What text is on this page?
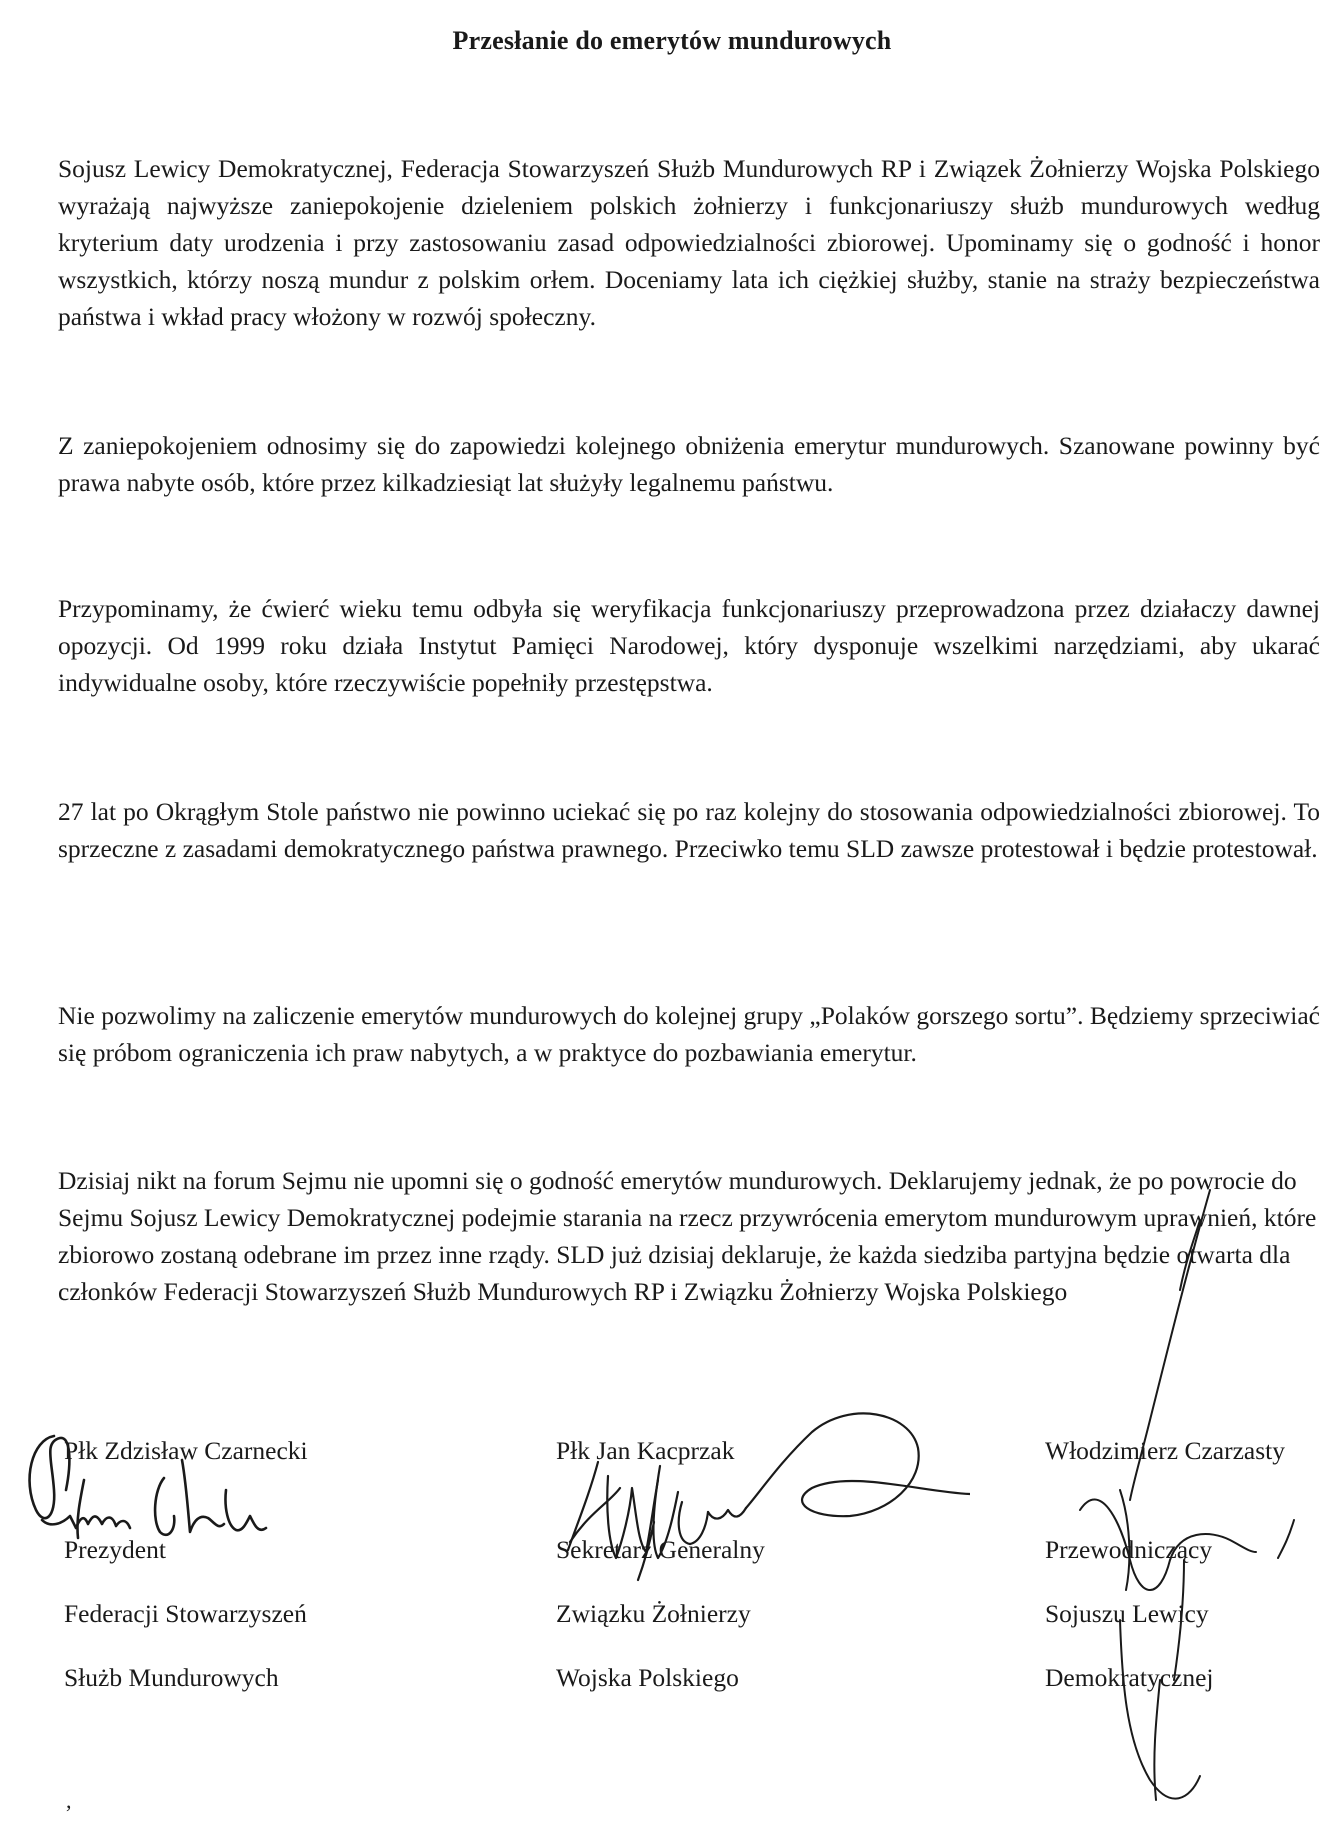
Przesłanie do emerytów mundurowych

Sojusz Lewicy Demokratycznej, Federacja Stowarzyszeń Służb Mundurowych RP i Związek Żołnierzy Wojska Polskiego wyrażają najwyższe zaniepokojenie dzieleniem polskich żołnierzy i funkcjonariuszy służb mundurowych według kryterium daty urodzenia i przy zastosowaniu zasad odpowiedzialności zbiorowej. Upominamy się o godność i honor wszystkich, którzy noszą mundur z polskim orłem. Doceniamy lata ich ciężkiej służby, stanie na straży bezpieczeństwa państwa i wkład pracy włożony w rozwój społeczny.

Z zaniepokojeniem odnosimy się do zapowiedzi kolejnego obniżenia emerytur mundurowych. Szanowane powinny być prawa nabyte osób, które przez kilkadziesiąt lat służyły legalnemu państwu.

Przypominamy, że ćwierć wieku temu odbyła się weryfikacja funkcjonariuszy przeprowadzona przez działaczy dawnej opozycji. Od 1999 roku działa Instytut Pamięci Narodowej, który dysponuje wszelkimi narzędziami, aby ukarać indywidualne osoby, które rzeczywiście popełniły przestępstwa.

27 lat po Okrągłym Stole państwo nie powinno uciekać się po raz kolejny do stosowania odpowiedzialności zbiorowej. To sprzeczne z zasadami demokratycznego państwa prawnego. Przeciwko temu SLD zawsze protestował i będzie protestował.

Nie pozwolimy na zaliczenie emerytów mundurowych do kolejnej grupy „Polaków gorszego sortu”. Będziemy sprzeciwiać się próbom ograniczenia ich praw nabytych, a w praktyce do pozbawiania emerytur.

Dzisiaj nikt na forum Sejmu nie upomni się o godność emerytów mundurowych. Deklarujemy jednak, że po powrocie do Sejmu Sojusz Lewicy Demokratycznej podejmie starania na rzecz przywrócenia emerytom mundurowym uprawnień, które zbiorowo zostaną odebrane im przez inne rządy. SLD już dzisiaj deklaruje, że każda siedziba partyjna będzie otwarta dla członków Federacji Stowarzyszeń Służb Mundurowych RP i Związku Żołnierzy Wojska Polskiego

Płk Zdzisław Czarnecki
Prezydent
Federacji Stowarzyszeń
Służb Mundurowych
Płk Jan Kacprzak
Sekretarz Generalny
Związku Żołnierzy
Wojska Polskiego
Włodzimierz Czarzasty
Przewodniczący
Sojuszu Lewicy
Demokratycznej
,
